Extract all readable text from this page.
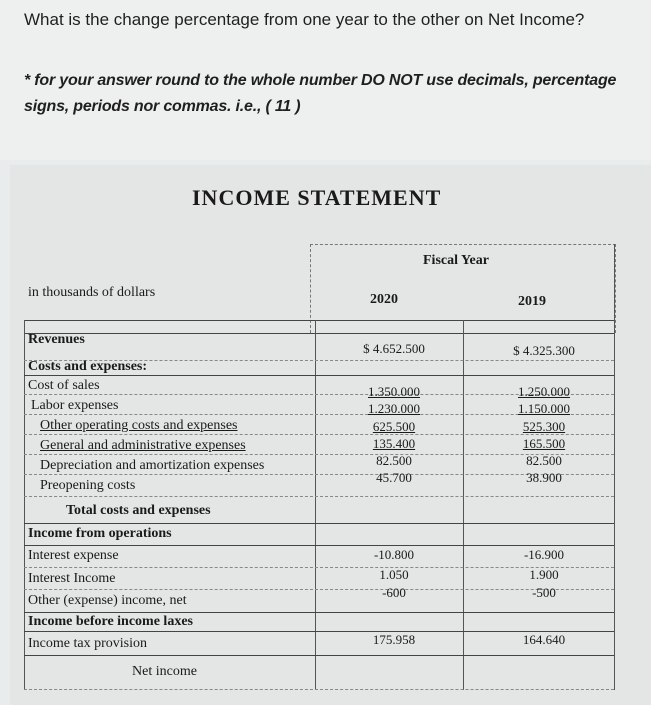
What is the change percentage from one year to the other on Net Income?
* for your answer round to the whole number DO NOT use decimals, percentage signs, periods nor commas. i.e., ( 11 )
INCOME STATEMENT
Fiscal Year
in thousands of dollars	2020	2019
Revenues
Costs and expenses:
Cost of sales
Labor expenses
Other operating costs and expenses
General and administrative expenses
Depreciation and amortization expenses
Preopening costs
Total costs and expenses
Income from operations
Interest expense
Interest Income
Other (expense) income, net
Income before income laxes
Income tax provision
Net income
$ 4.652.500
1.350.000
1.230.000
625.500
135.400
82.500
45.700
-10.800
1.050
-600
175.958
$ 4.325.300
1.250.000
1.150.000
525.300
165.500
82.500
38.900
-16.900
1.900
-500
164.640
